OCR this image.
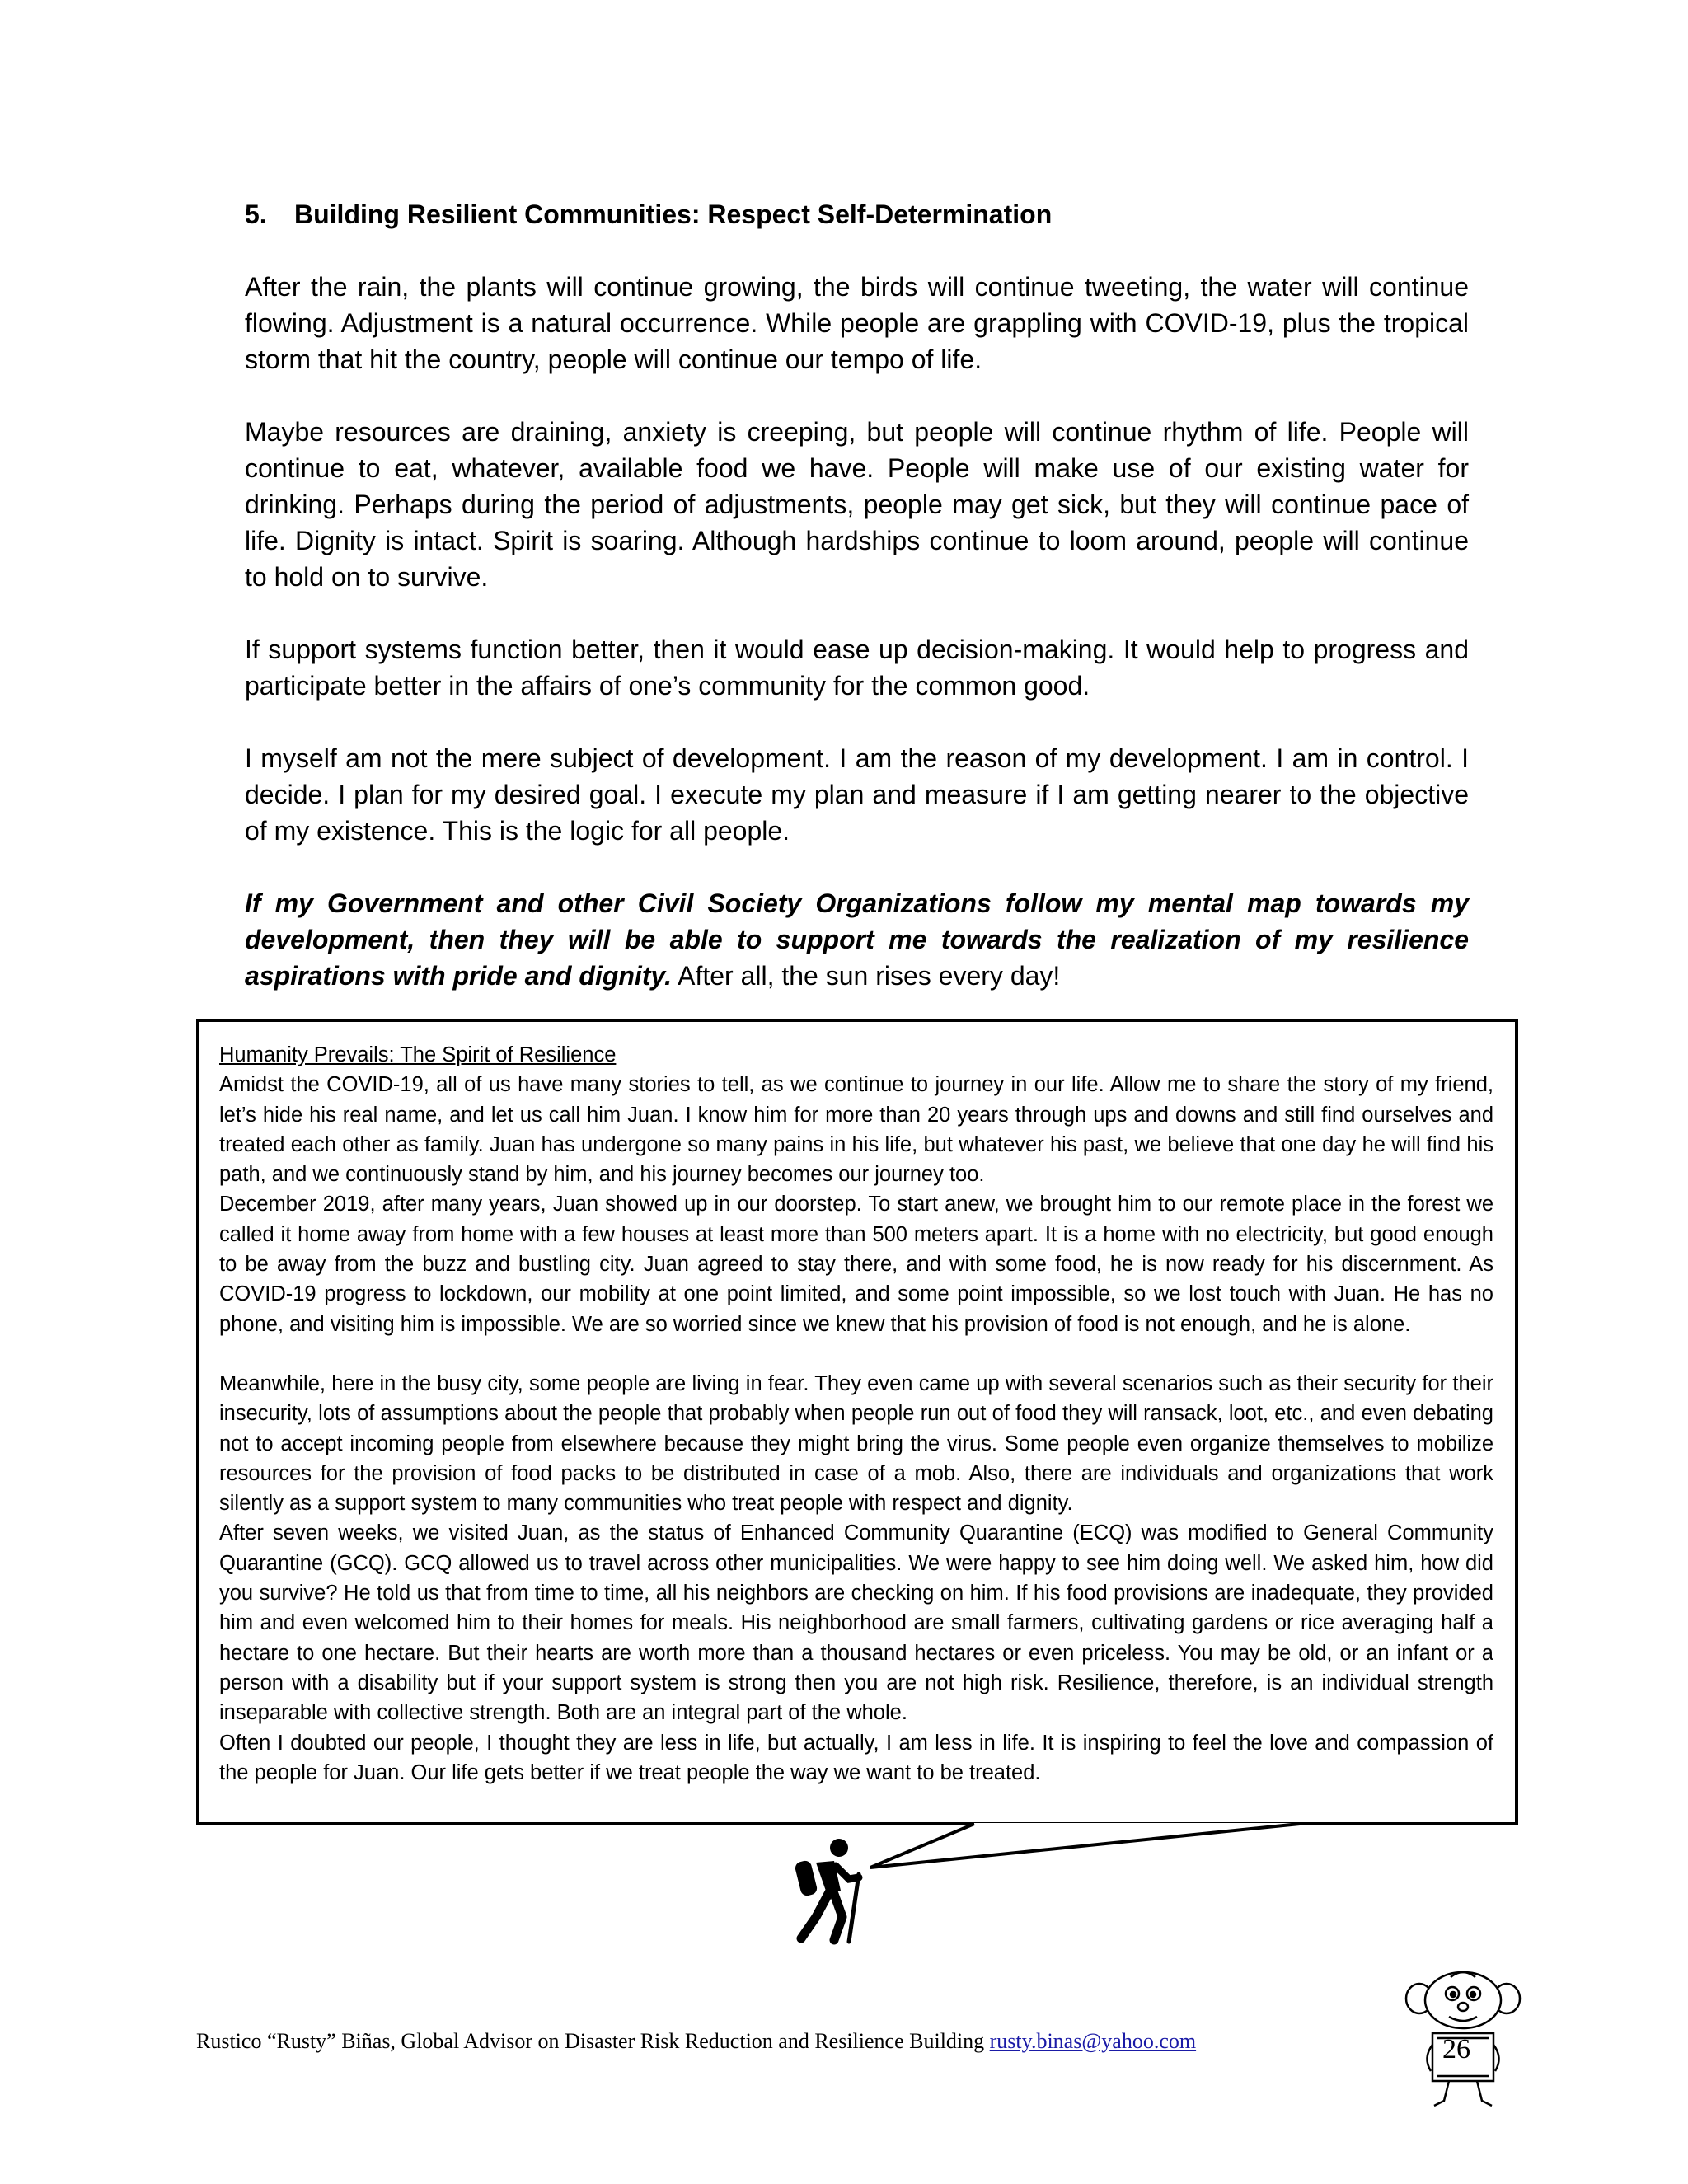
5. Building Resilient Communities: Respect Self-Determination

After the rain, the plants will continue growing, the birds will continue tweeting, the water will continue flowing. Adjustment is a natural occurrence. While people are grappling with COVID-19, plus the tropical storm that hit the country, people will continue our tempo of life.

Maybe resources are draining, anxiety is creeping, but people will continue rhythm of life. People will continue to eat, whatever, available food we have. People will make use of our existing water for drinking. Perhaps during the period of adjustments, people may get sick, but they will continue pace of life. Dignity is intact. Spirit is soaring. Although hardships continue to loom around, people will continue to hold on to survive.

If support systems function better, then it would ease up decision-making. It would help to progress and participate better in the affairs of one’s community for the common good.

I myself am not the mere subject of development. I am the reason of my development. I am in control. I decide. I plan for my desired goal. I execute my plan and measure if I am getting nearer to the objective of my existence. This is the logic for all people.

If my Government and other Civil Society Organizations follow my mental map towards my development, then they will be able to support me towards the realization of my resilience aspirations with pride and dignity. After all, the sun rises every day!

Humanity Prevails: The Spirit of Resilience

Amidst the COVID-19, all of us have many stories to tell, as we continue to journey in our life. Allow me to share the story of my friend, let’s hide his real name, and let us call him Juan. I know him for more than 20 years through ups and downs and still find ourselves and treated each other as family. Juan has undergone so many pains in his life, but whatever his past, we believe that one day he will find his path, and we continuously stand by him, and his journey becomes our journey too.

December 2019, after many years, Juan showed up in our doorstep. To start anew, we brought him to our remote place in the forest we called it home away from home with a few houses at least more than 500 meters apart. It is a home with no electricity, but good enough to be away from the buzz and bustling city. Juan agreed to stay there, and with some food, he is now ready for his discernment. As COVID-19 progress to lockdown, our mobility at one point limited, and some point impossible, so we lost touch with Juan. He has no phone, and visiting him is impossible. We are so worried since we knew that his provision of food is not enough, and he is alone.

Meanwhile, here in the busy city, some people are living in fear. They even came up with several scenarios such as their security for their insecurity, lots of assumptions about the people that probably when people run out of food they will ransack, loot, etc., and even debating not to accept incoming people from elsewhere because they might bring the virus. Some people even organize themselves to mobilize resources for the provision of food packs to be distributed in case of a mob. Also, there are individuals and organizations that work silently as a support system to many communities who treat people with respect and dignity.

After seven weeks, we visited Juan, as the status of Enhanced Community Quarantine (ECQ) was modified to General Community Quarantine (GCQ). GCQ allowed us to travel across other municipalities. We were happy to see him doing well. We asked him, how did you survive? He told us that from time to time, all his neighbors are checking on him. If his food provisions are inadequate, they provided him and even welcomed him to their homes for meals. His neighborhood are small farmers, cultivating gardens or rice averaging half a hectare to one hectare. But their hearts are worth more than a thousand hectares or even priceless. You may be old, or an infant or a person with a disability but if your support system is strong then you are not high risk. Resilience, therefore, is an individual strength inseparable with collective strength. Both are an integral part of the whole.

Often I doubted our people, I thought they are less in life, but actually, I am less in life. It is inspiring to feel the love and compassion of the people for Juan. Our life gets better if we treat people the way we want to be treated.

Rustico “Rusty” Biñas, Global Advisor on Disaster Risk Reduction and Resilience Building rusty.binas@yahoo.com	26
